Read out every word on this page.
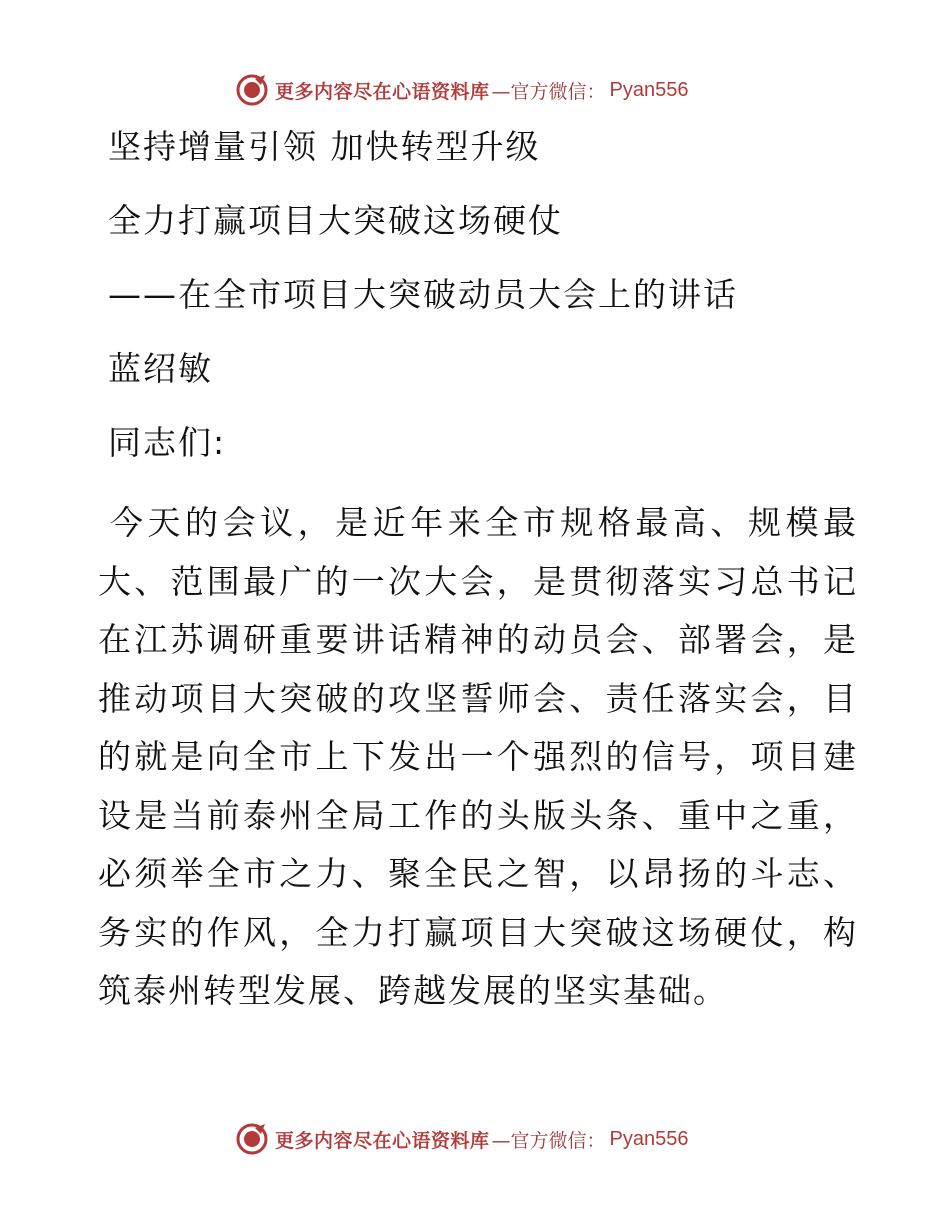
更多内容尽在心语资料库 —官方微信： Pyan556
坚持增量引领 加快转型升级
全力打赢项目大突破这场硬仗
——在全市项目大突破动员大会上的讲话
蓝绍敏
同志们:

今天的会议，是近年来全市规格最高、规模最大、范围最广的一次大会，是贯彻落实习总书记在江苏调研重要讲话精神的动员会、部署会，是推动项目大突破的攻坚誓师会、责任落实会，目的就是向全市上下发出一个强烈的信号，项目建设是当前泰州全局工作的头版头条、重中之重，必须举全市之力、聚全民之智，以昂扬的斗志、务实的作风，全力打赢项目大突破这场硬仗，构筑泰州转型发展、跨越发展的坚实基础。

更多内容尽在心语资料库 —官方微信： Pyan556
